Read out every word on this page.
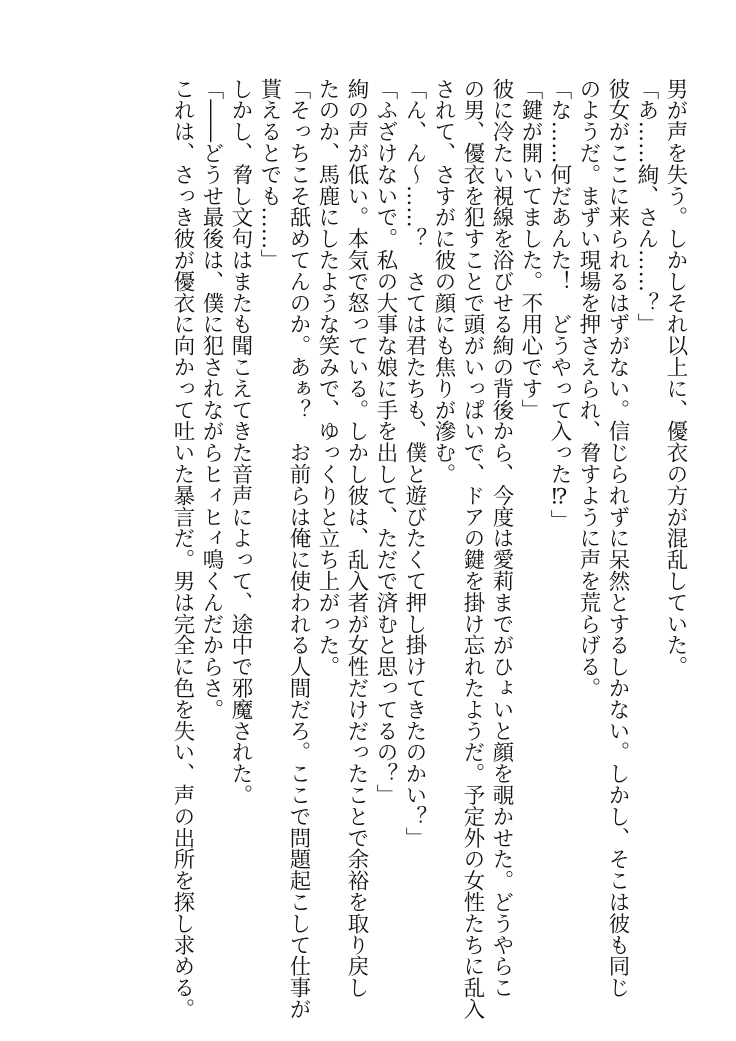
男が声を失う。しかしそれ以上に、優衣の方が混乱していた。
「あ……絢、さん……？」
彼女がここに来られるはずがない。信じられずに呆然とするしかない。しかし、そこは彼も同じ
のようだ。まずい現場を押さえられ、脅すように声を荒らげる。
「な……何だあんた！　どうやって入った⁉」
「鍵が開いてました。不用心です」
彼に冷たい視線を浴びせる絢の背後から、今度は愛莉までがひょいと顔を覗かせた。どうやらこ
の男、優衣を犯すことで頭がいっぱいで、ドアの鍵を掛け忘れたようだ。予定外の女性たちに乱入
されて、さすがに彼の顔にも焦りが滲む。
「ん、ん〜……？　さては君たちも、僕と遊びたくて押し掛けてきたのかい？」
「ふざけないで。私の大事な娘に手を出して、ただで済むと思ってるの？」
絢の声が低い。本気で怒っている。しかし彼は、乱入者が女性だけだったことで余裕を取り戻し
たのか、馬鹿にしたような笑みで、ゆっくりと立ち上がった。
「そっちこそ舐めてんのか。あぁ？　お前らは俺に使われる人間だろ。ここで問題起こして仕事が
貰えるとでも……」
しかし、脅し文句はまたも聞こえてきた音声によって、途中で邪魔された。
「――どうせ最後は、僕に犯されながらヒィヒィ鳴くんだからさ。
これは、さっき彼が優衣に向かって吐いた暴言だ。男は完全に色を失い、声の出所を探し求める。
